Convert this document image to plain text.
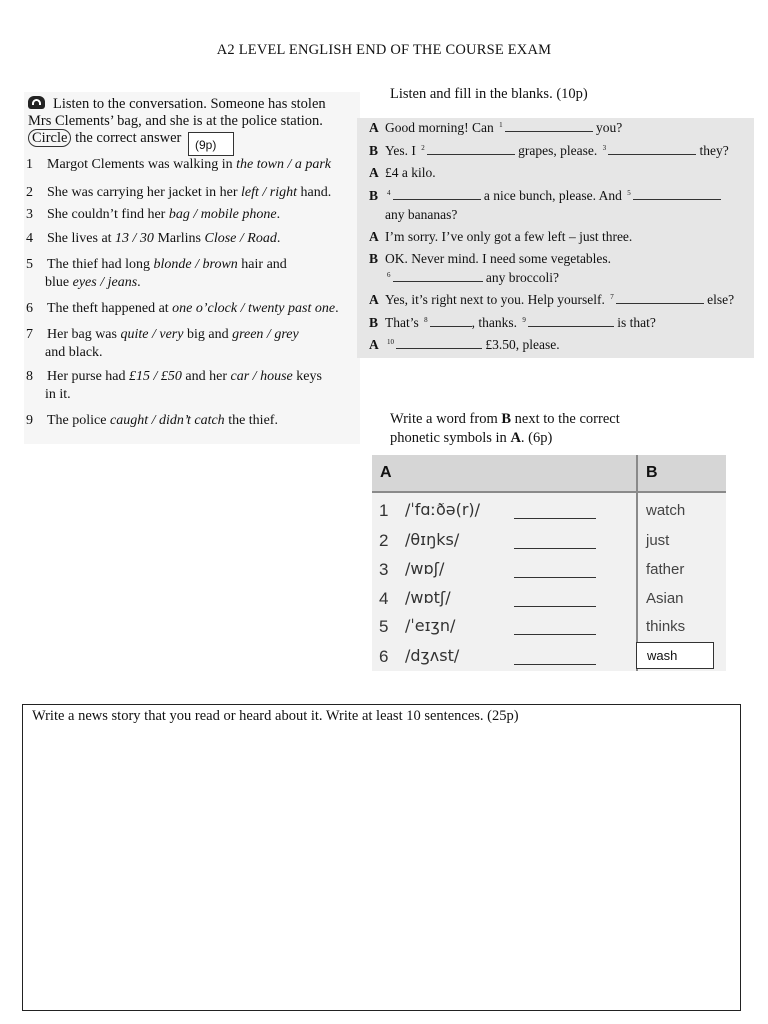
A2 LEVEL ENGLISH END OF THE COURSE EXAM
Listen to the conversation. Someone has stolen
Mrs Clements’ bag, and she is at the police station.
Circle the correct answer	(9p)
1 Margot Clements was walking in the town / a park
2 She was carrying her jacket in her left / right hand.
3 She couldn’t find her bag / mobile phone.
4 She lives at 13 / 30 Marlins Close / Road.
5 The thief had long blonde / brown hair and
blue eyes / jeans.
6 The theft happened at one o’clock / twenty past one.
7 Her bag was quite / very big and green / grey
and black.
8 Her purse had £15 / £50 and her car / house keys
in it.
9 The police caught / didn’t catch the thief.
Listen and fill in the blanks. (10p)
A Good morning! Can $^1$	you?
B Yes. I $^2$	grapes, please. $^3$	they?
A £4 a kilo.
B $^4$	a nice bunch, please. And $^5$
any bananas?
A I’m sorry. I’ve only got a few left – just three.
B OK. Never mind. I need some vegetables.
$^6$	any broccoli?
A Yes, it’s right next to you. Help yourself. $^7$	else?
B That’s $^8$	, thanks. $^9$	is that?
A $^{10}$	£3.50, please.
Write a word from B next to the correct
phonetic symbols in A. (6p)
A	B
1 /ˈfɑːðə(r)/	watch
2 /θɪŋks/	just
3 /wɒʃ/	father
4 /wɒtʃ/	Asian
5 /ˈeɪʒn/	thinks
6 /dʒʌst/	wash
Write a news story that you read or heard about it. Write at least 10 sentences. (25p)
